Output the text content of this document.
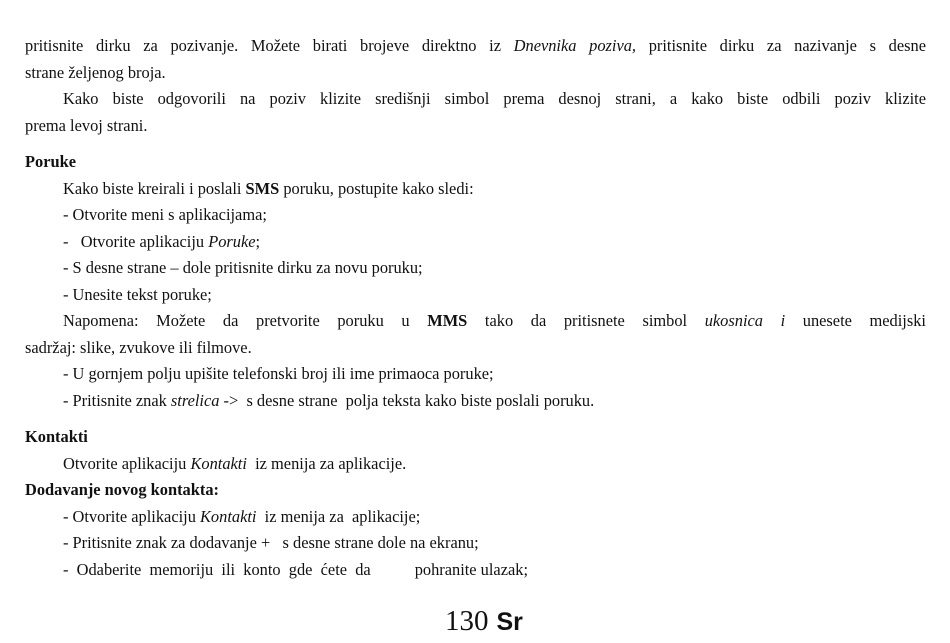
pritisnite dirku za pozivanje. Možete birati brojeve direktno iz Dnevnika poziva, pritisnite dirku za nazivanje s desne
strane željenog broja.
Kako biste odgovorili na poziv klizite središnji simbol prema desnoj strani, a kako biste odbili poziv klizite
prema levoj strani.
Poruke
Kako biste kreirali i poslali SMS poruku, postupite kako sledi:
- Otvorite meni s aplikacijama;
-   Otvorite aplikaciju Poruke;
- S desne strane – dole pritisnite dirku za novu poruku;
- Unesite tekst poruke;
Napomena: Možete da pretvorite poruku u MMS tako da pritisnete simbol ukosnica i unesete medijski
sadržaj: slike, zvukove ili filmove.
- U gornjem polju upišite telefonski broj ili ime primaoca poruke;
- Pritisnite znak strelica ->  s desne strane  polja teksta kako biste poslali poruku.
Kontakti
Otvorite aplikaciju Kontakti  iz menija za aplikacije.
Dodavanje novog kontakta:
- Otvorite aplikaciju Kontakti  iz menija za  aplikacije;
- Pritisnite znak za dodavanje +   s desne strane dole na ekranu;
-  Odaberite  memoriju  ili  konto  gde  ćete  da	pohranite ulazak;
130 Sr
